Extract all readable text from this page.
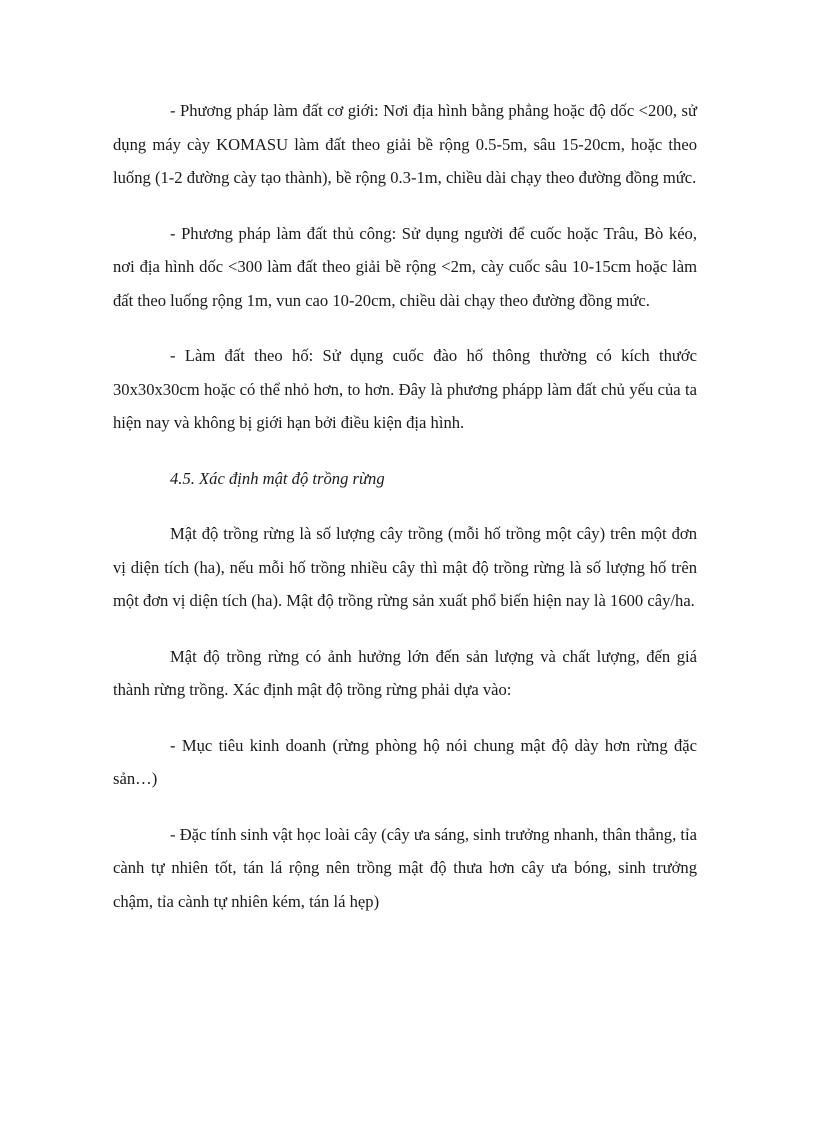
- Phương pháp làm đất cơ giới: Nơi địa hình bằng phẳng hoặc độ dốc <200, sử dụng máy cày KOMASU làm đất theo giải bề rộng 0.5-5m, sâu 15-20cm, hoặc theo luống (1-2 đường cày tạo thành), bề rộng 0.3-1m, chiều dài chạy theo đường đồng mức.

- Phương pháp làm đất thủ công: Sử dụng người để cuốc hoặc Trâu, Bò kéo, nơi địa hình dốc <300 làm đất theo giải bề rộng <2m, cày cuốc sâu 10-15cm hoặc làm đất theo luống rộng 1m, vun cao 10-20cm, chiều dài chạy theo đường đồng mức.

- Làm đất theo hố: Sử dụng cuốc đào hố thông thường có kích thước 30x30x30cm hoặc có thể nhỏ hơn, to hơn. Đây là phương phápp làm đất chủ yếu của ta hiện nay và không bị giới hạn bởi điều kiện địa hình.

4.5. Xác định mật độ trồng rừng

Mật độ trồng rừng là số lượng cây trồng (mỗi hố trồng một cây) trên một đơn vị diện tích (ha), nếu mỗi hố trồng nhiều cây thì mật độ trồng rừng là số lượng hố trên một đơn vị diện tích (ha). Mật độ trồng rừng sản xuất phổ biến hiện nay là 1600 cây/ha.

Mật độ trồng rừng có ảnh hưởng lớn đến sản lượng và chất lượng, đến giá thành rừng trồng. Xác định mật độ trồng rừng phải dựa vào:

- Mục tiêu kinh doanh (rừng phòng hộ nói chung mật độ dày hơn rừng đặc sản…)

- Đặc tính sinh vật học loài cây (cây ưa sáng, sinh trưởng nhanh, thân thẳng, tỉa cành tự nhiên tốt, tán lá rộng nên trồng mật độ thưa hơn cây ưa bóng, sinh trưởng chậm, tỉa cành tự nhiên kém, tán lá hẹp)
